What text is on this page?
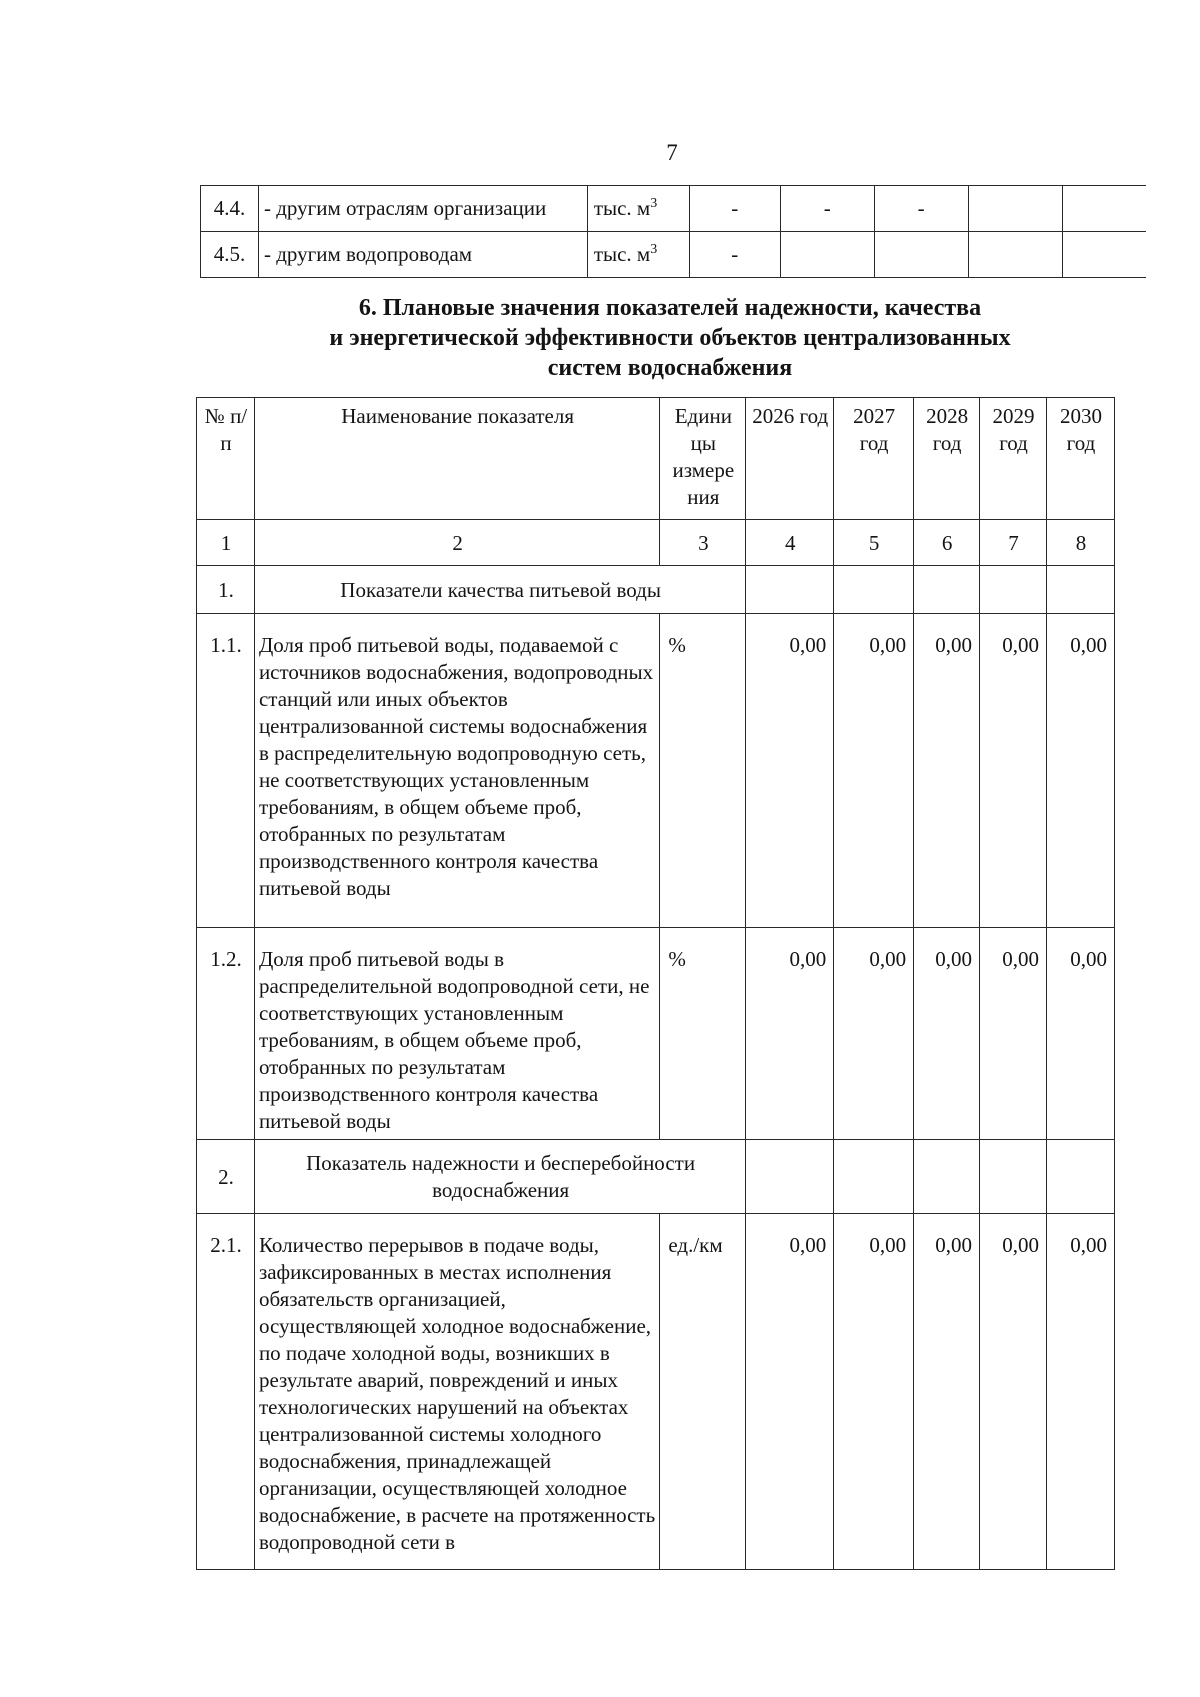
7
4.4.	- другим отраслям организации	тыс. $м^3$	-	-	-		
4.5.	- другим водопроводам	тыс. $м^3$	-				
6. Плановые значения показателей надежности, качества
и энергетической эффективности объектов централизованных
систем водоснабжения
№ п/п	Наименование показателя	Едини цы измере ния	2026 год	2027 год	2028 год	2029 год	2030 год
1	2	3	4	5	6	7	8
1.	Показатели качества питьевой воды						
1.1.	Доля проб питьевой воды, подаваемой с источников водоснабжения, водопроводных станций или иных объектов централизованной системы водоснабжения в распределительную водопроводную сеть, не соответствующих установленным требованиям, в общем объеме проб, отобранных по результатам производственного контроля качества питьевой воды	%	0,00	0,00	0,00	0,00	0,00
1.2.	Доля проб питьевой воды в распределительной водопроводной сети, не соответствующих установленным требованиям, в общем объеме проб, отобранных по результатам производственного контроля качества питьевой воды	%	0,00	0,00	0,00	0,00	0,00
2.	Показатель надежности и бесперебойности водоснабжения						
2.1.	Количество перерывов в подаче воды, зафиксированных в местах исполнения обязательств организацией, осуществляющей холодное водоснабжение, по подаче холодной воды, возникших в результате аварий, повреждений и иных технологических нарушений на объектах централизованной системы холодного водоснабжения, принадлежащей организации, осуществляющей холодное водоснабжение, в расчете на протяженность водопроводной сети в	ед./км	0,00	0,00	0,00	0,00	0,00
